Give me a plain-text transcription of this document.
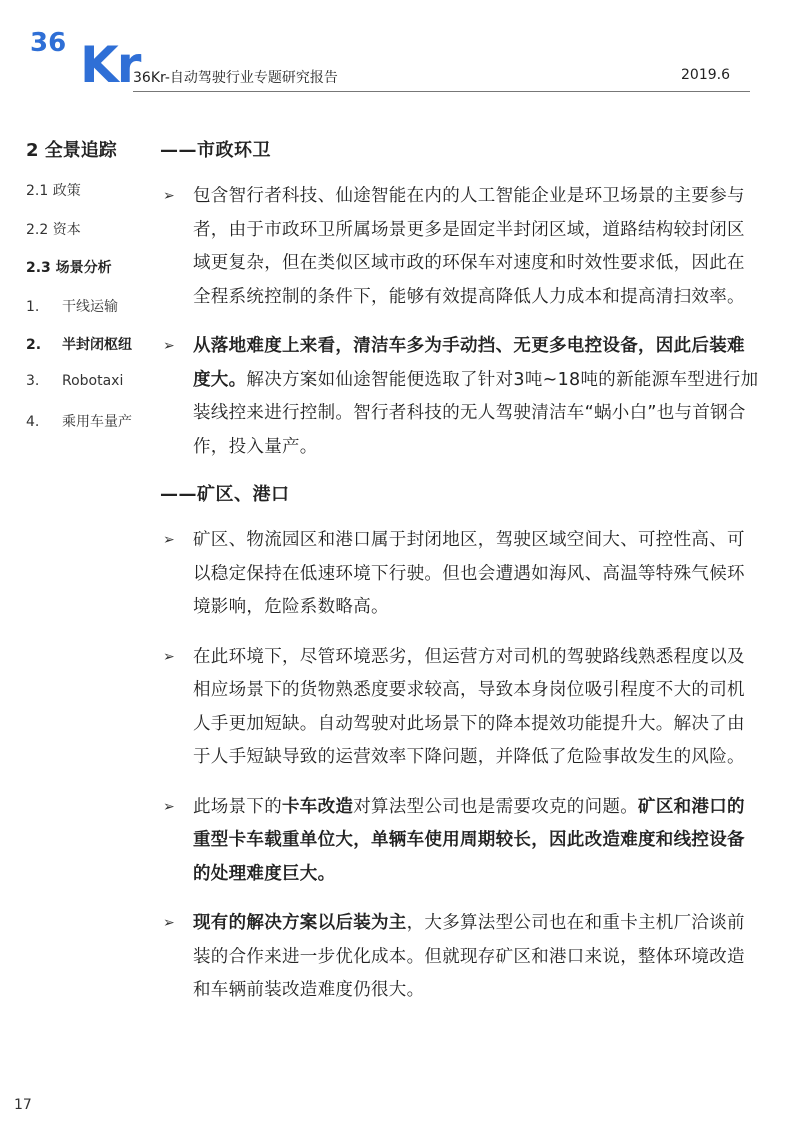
36 Kr
36Kr-自动驾驶行业专题研究报告	2019.6
2 全景追踪
2.1 政策
2.2 资本
2.3 场景分析
1. 干线运输
2. 半封闭枢纽
3. Robotaxi
4. 乘用车量产
——市政环卫
➢ 包含智行者科技、仙途智能在内的人工智能企业是环卫场景的主要参与者，由于市政环卫所属场景更多是固定半封闭区域，道路结构较封闭区域更复杂，但在类似区域市政的环保车对速度和时效性要求低，因此在全程系统控制的条件下，能够有效提高降低人力成本和提高清扫效率。
➢ 从落地难度上来看，清洁车多为手动挡、无更多电控设备，因此后装难度大。解决方案如仙途智能便选取了针对3吨~18吨的新能源车型进行加装线控来进行控制。智行者科技的无人驾驶清洁车“蜗小白”也与首钢合作，投入量产。
——矿区、港口
➢ 矿区、物流园区和港口属于封闭地区，驾驶区域空间大、可控性高、可以稳定保持在低速环境下行驶。但也会遭遇如海风、高温等特殊气候环境影响，危险系数略高。
➢ 在此环境下，尽管环境恶劣，但运营方对司机的驾驶路线熟悉程度以及相应场景下的货物熟悉度要求较高，导致本身岗位吸引程度不大的司机人手更加短缺。自动驾驶对此场景下的降本提效功能提升大。解决了由于人手短缺导致的运营效率下降问题，并降低了危险事故发生的风险。
➢ 此场景下的卡车改造对算法型公司也是需要攻克的问题。矿区和港口的重型卡车载重单位大，单辆车使用周期较长，因此改造难度和线控设备的处理难度巨大。
➢ 现有的解决方案以后装为主，大多算法型公司也在和重卡主机厂洽谈前装的合作来进一步优化成本。但就现存矿区和港口来说，整体环境改造和车辆前装改造难度仍很大。
17
